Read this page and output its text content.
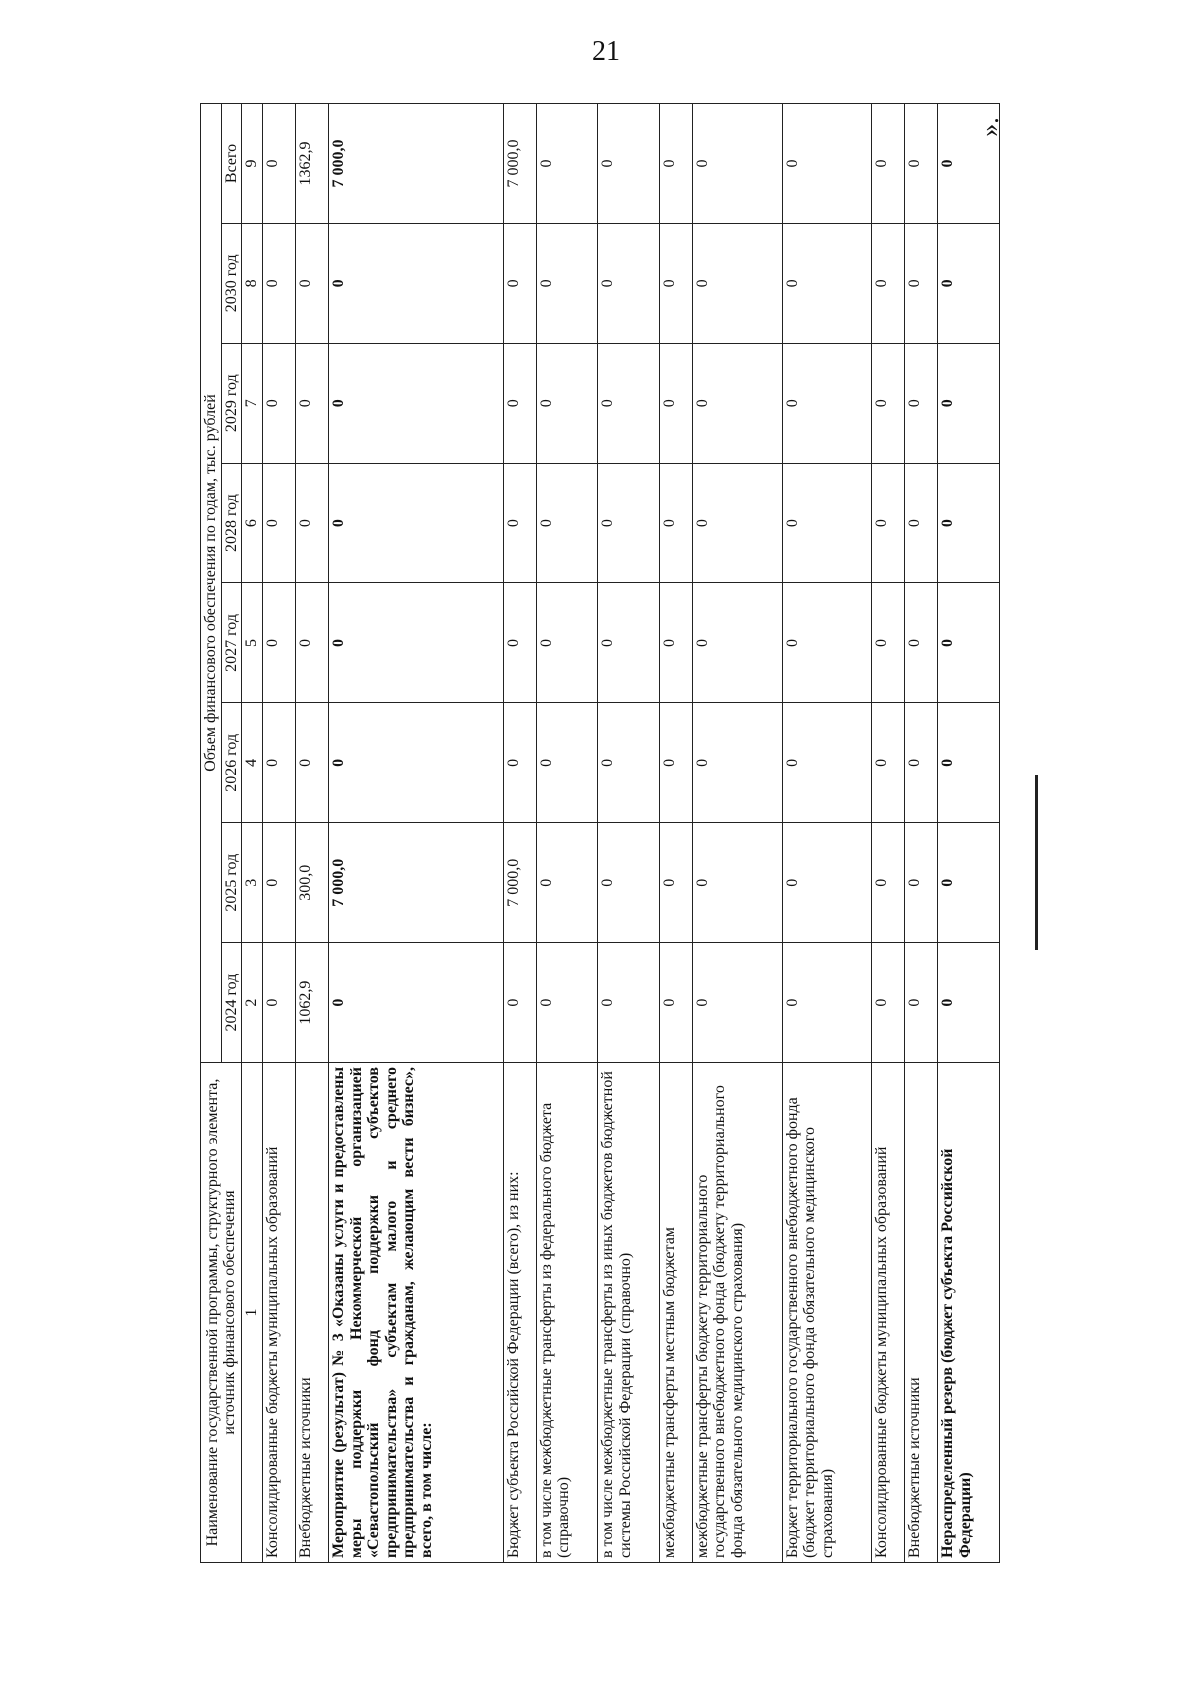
21
».
Наименование государственной программы, структурного элемента, источник финансового обеспечения	Объем финансового обеспечения по годам, тыс. рублей							
	2024 год	2025 год	2026 год	2027 год	2028 год	2029 год	2030 год	Всего
1	2	3	4	5	6	7	8	9
Консолидированные бюджеты муниципальных образований	0	0	0	0	0	0	0	0
Внебюджетные источники	1062,9	300,0	0	0	0	0	0	1362,9
Мероприятие (результат) № 3 «Оказаны услуги и предоставлены меры поддержки Некоммерческой организацией «Севастопольский фонд поддержки субъектов предпринимательства» субъектам малого и среднего предпринимательства и гражданам, желающим вести бизнес», всего, в том числе:	0	7 000,0	0	0	0	0	0	7 000,0
Бюджет субъекта Российской Федерации (всего), из них:	0	7 000,0	0	0	0	0	0	7 000,0
в том числе межбюджетные трансферты из федерального бюджета (справочно)	0	0	0	0	0	0	0	0
в том числе межбюджетные трансферты из иных бюджетов бюджетной системы Российской Федерации (справочно)	0	0	0	0	0	0	0	0
межбюджетные трансферты местным бюджетам	0	0	0	0	0	0	0	0
межбюджетные трансферты бюджету территориального государственного внебюджетного фонда (бюджету территориального фонда обязательного медицинского страхования)	0	0	0	0	0	0	0	0
Бюджет территориального государственного внебюджетного фонда (бюджет территориального фонда обязательного медицинского страхования)	0	0	0	0	0	0	0	0
Консолидированные бюджеты муниципальных образований	0	0	0	0	0	0	0	0
Внебюджетные источники	0	0	0	0	0	0	0	0
Нераспределенный резерв (бюджет субъекта Российской Федерации)	0	0	0	0	0	0	0	0
